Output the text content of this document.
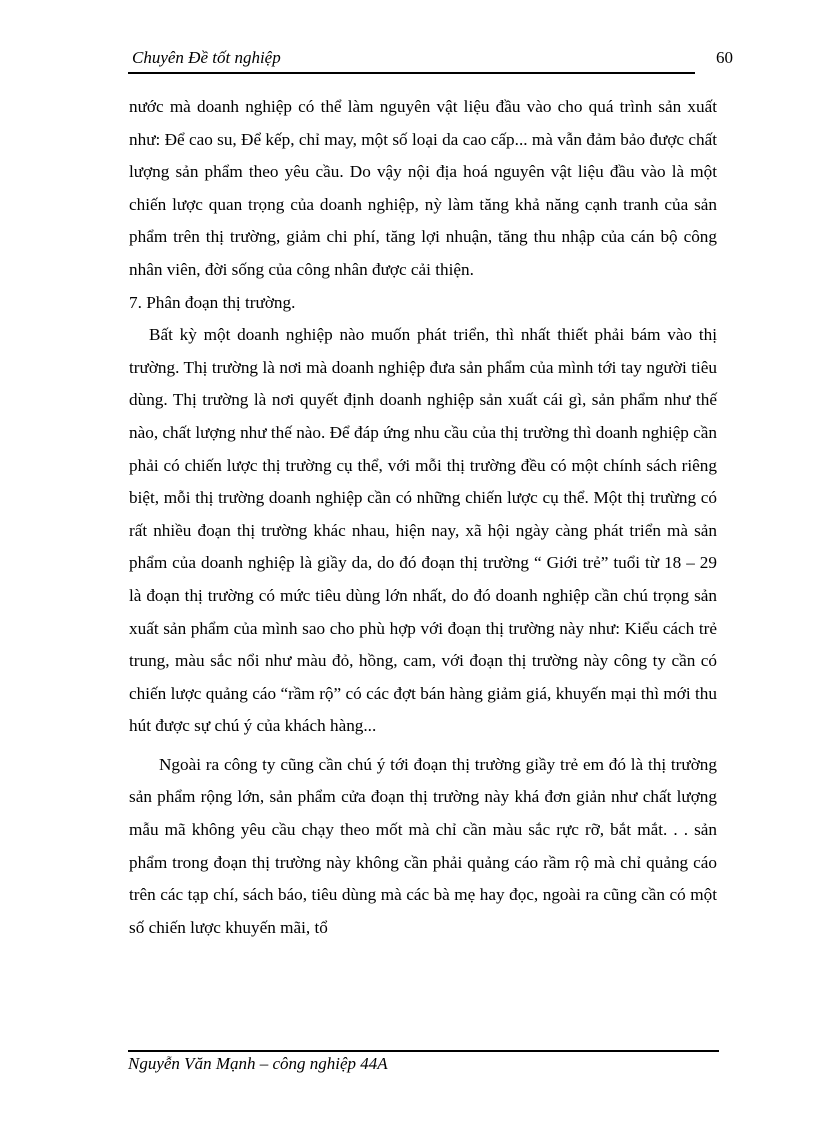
Chuyên Đề tốt nghiệp	60

nước mà doanh nghiệp có thể làm nguyên vật liệu đầu vào cho quá trình sản xuất như: Để cao su, Để kếp, chỉ may, một số loại da cao cấp... mà vẫn đảm bảo được chất lượng sản phẩm theo yêu cầu. Do vậy nội địa hoá nguyên vật liệu đầu vào là một chiến lược quan trọng của doanh nghiệp, nỳ làm tăng khả năng cạnh tranh của sản phẩm trên thị trường, giảm chi phí, tăng lợi nhuận, tăng thu nhập của cán bộ công nhân viên, đời sống của công nhân được cải thiện.

7. Phân đoạn thị trường.

Bất kỳ một doanh nghiệp nào muốn phát triển, thì nhất thiết phải bám vào thị trường. Thị trường là nơi mà doanh nghiệp đưa sản phẩm của mình tới tay người tiêu dùng. Thị trường là nơi quyết định doanh nghiệp sản xuất cái gì, sản phẩm như thế nào, chất lượng như thế nào. Để đáp ứng nhu cầu của thị trường thì doanh nghiệp cần phải có chiến lược thị trường cụ thể, với mỗi thị trường đều có một chính sách riêng biệt, mỗi thị trường doanh nghiệp cần có những chiến lược cụ thể. Một thị trưừng có rất nhiều đoạn thị trường khác nhau, hiện nay, xã hội ngày càng phát triển mà sản phẩm của doanh nghiệp là giầy da, do đó đoạn thị trường “ Giới trẻ” tuổi từ 18 – 29 là đoạn thị trường có mức tiêu dùng lớn nhất, do đó doanh nghiệp cần chú trọng sản xuất sản phẩm của mình sao cho phù hợp với đoạn thị trường này như: Kiểu cách trẻ trung, màu sắc nổi như màu đỏ, hồng, cam, với đoạn thị trường này công ty cần có chiến lược quảng cáo “rầm rộ” có các đợt bán hàng giảm giá, khuyến mại thì mới thu hút được sự chú ý của khách hàng...

Ngoài ra công ty cũng cần chú ý tới đoạn thị trường giầy trẻ em đó là thị trường sản phẩm rộng lớn, sản phẩm cửa đoạn thị trường này khá đơn giản như chất lượng mẫu mã không yêu cầu chạy theo mốt mà chỉ cần màu sắc rực rỡ, bắt mắt. . . sản phẩm trong đoạn thị trường này không cần phải quảng cáo rầm rộ mà chỉ quảng cáo trên các tạp chí, sách báo, tiêu dùng mà các bà mẹ hay đọc, ngoài ra cũng cần có một số chiến lược khuyến mãi, tổ

Nguyễn Văn Mạnh – công nghiệp 44A
